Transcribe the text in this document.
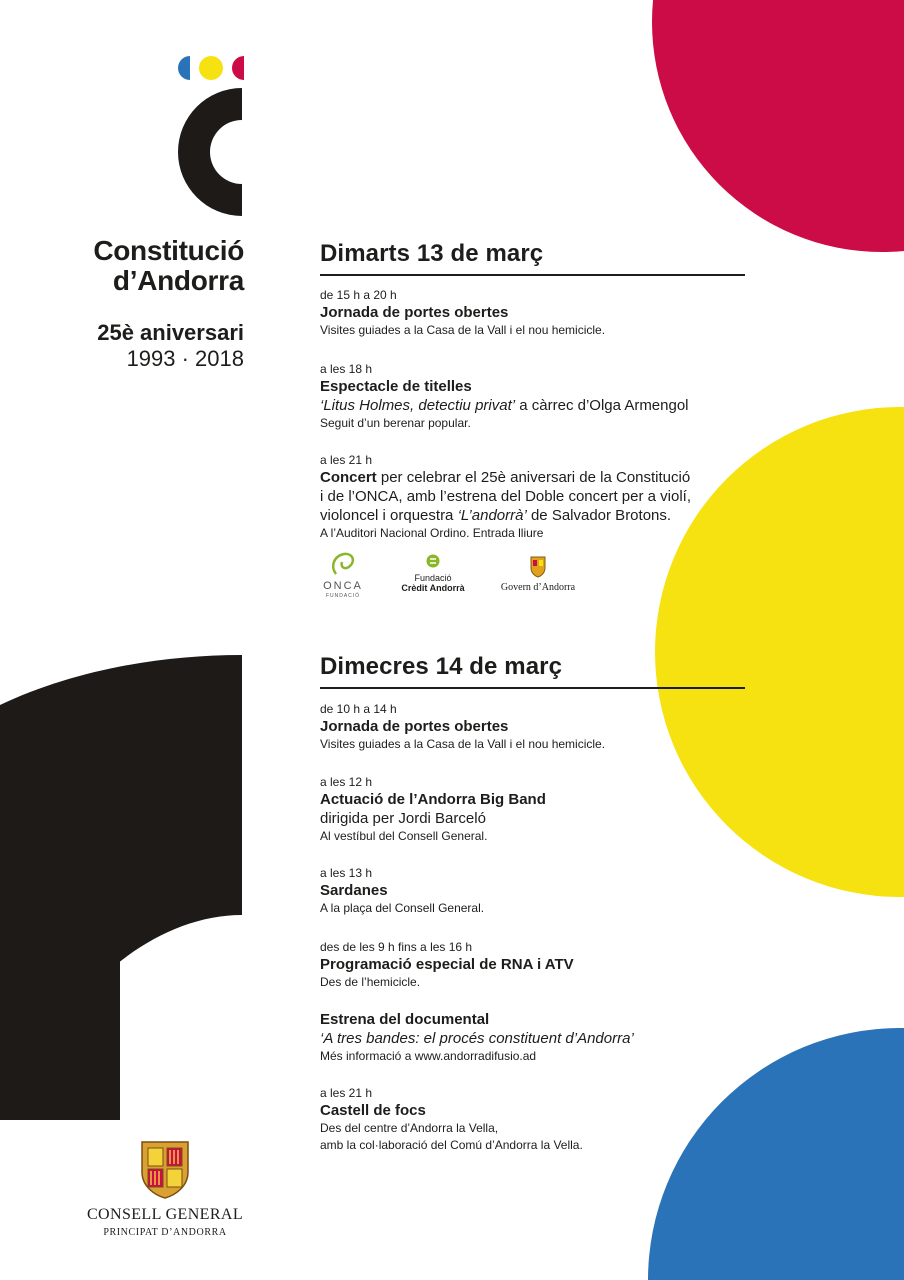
Constitució
d’Andorra
25è aniversari
1993 · 2018
Dimarts 13 de març
de 15 h a 20 h
Jornada de portes obertes
Visites guiades a la Casa de la Vall i el nou hemicicle.
a les 18 h
Espectacle de titelles
‘Litus Holmes, detectiu privat’ a càrrec d’Olga Armengol
Seguit d’un berenar popular.
a les 21 h
Concert per celebrar el 25è aniversari de la Constitució
i de l’ONCA, amb l’estrena del Doble concert per a violí,
violoncel i orquestra ‘L’andorrà’ de Salvador Brotons.
A l’Auditori Nacional Ordino. Entrada lliure
ONCA
FUNDACIÓ
Fundació
Crèdit Andorrà	Govern d’Andorra
Dimecres 14 de març
de 10 h a 14 h
Jornada de portes obertes
Visites guiades a la Casa de la Vall i el nou hemicicle.
a les 12 h
Actuació de l’Andorra Big Band
dirigida per Jordi Barceló
Al vestíbul del Consell General.
a les 13 h
Sardanes
A la plaça del Consell General.
des de les 9 h fins a les 16 h
Programació especial de RNA i ATV
Des de l’hemicicle.
Estrena del documental
‘A tres bandes: el procés constituent d’Andorra’
Més informació a www.andorradifusio.ad
a les 21 h
Castell de focs
Des del centre d’Andorra la Vella,
amb la col·laboració del Comú d’Andorra la Vella.
CONSELL GENERAL
PRINCIPAT D’ANDORRA
